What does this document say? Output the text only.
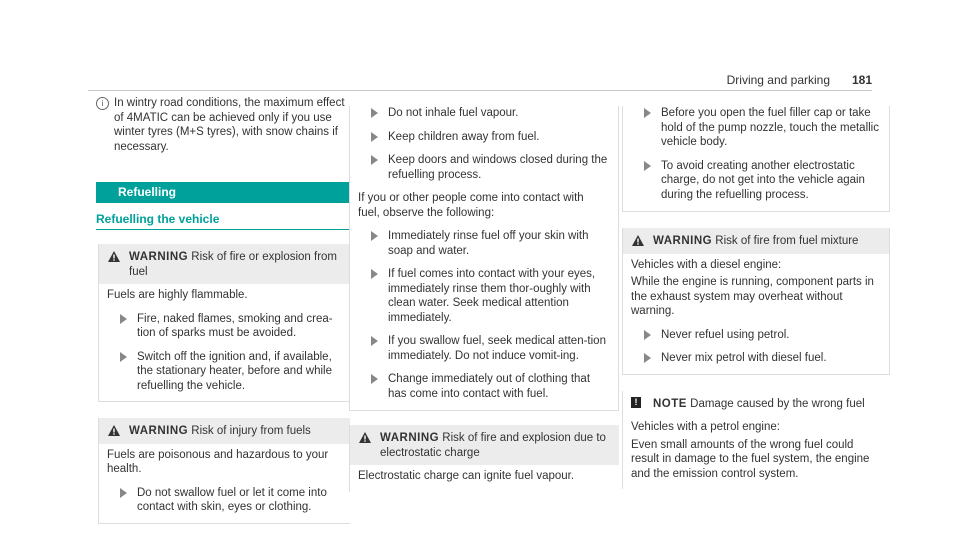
Driving and parking 181
i In wintry road conditions, the maximum effect of 4MATIC can be achieved only if you use winter tyres (M+S tyres), with snow chains if necessary.
Refuelling
Refuelling the vehicle
WARNING Risk of fire or explosion from fuel
Fuels are highly flammable.
Fire, naked flames, smoking and crea-tion of sparks must be avoided.
Switch off the ignition and, if available, the stationary heater, before and while refuelling the vehicle.
WARNING Risk of injury from fuels
Fuels are poisonous and hazardous to your health.
Do not swallow fuel or let it come into contact with skin, eyes or clothing.
Do not inhale fuel vapour.
Keep children away from fuel.
Keep doors and windows closed during the refuelling process.
If you or other people come into contact with fuel, observe the following:
Immediately rinse fuel off your skin with soap and water.
If fuel comes into contact with your eyes, immediately rinse them thor-oughly with clean water. Seek medical attention immediately.
If you swallow fuel, seek medical atten-tion immediately. Do not induce vomit-ing.
Change immediately out of clothing that has come into contact with fuel.
WARNING Risk of fire and explosion due to electrostatic charge
Electrostatic charge can ignite fuel vapour.
Before you open the fuel filler cap or take hold of the pump nozzle, touch the metallic vehicle body.
To avoid creating another electrostatic charge, do not get into the vehicle again during the refuelling process.
WARNING Risk of fire from fuel mixture
Vehicles with a diesel engine:
While the engine is running, component parts in the exhaust system may overheat without warning.
Never refuel using petrol.
Never mix petrol with diesel fuel.
!	NOTE Damage caused by the wrong fuel
Vehicles with a petrol engine:
Even small amounts of the wrong fuel could result in damage to the fuel system, the engine and the emission control system.
